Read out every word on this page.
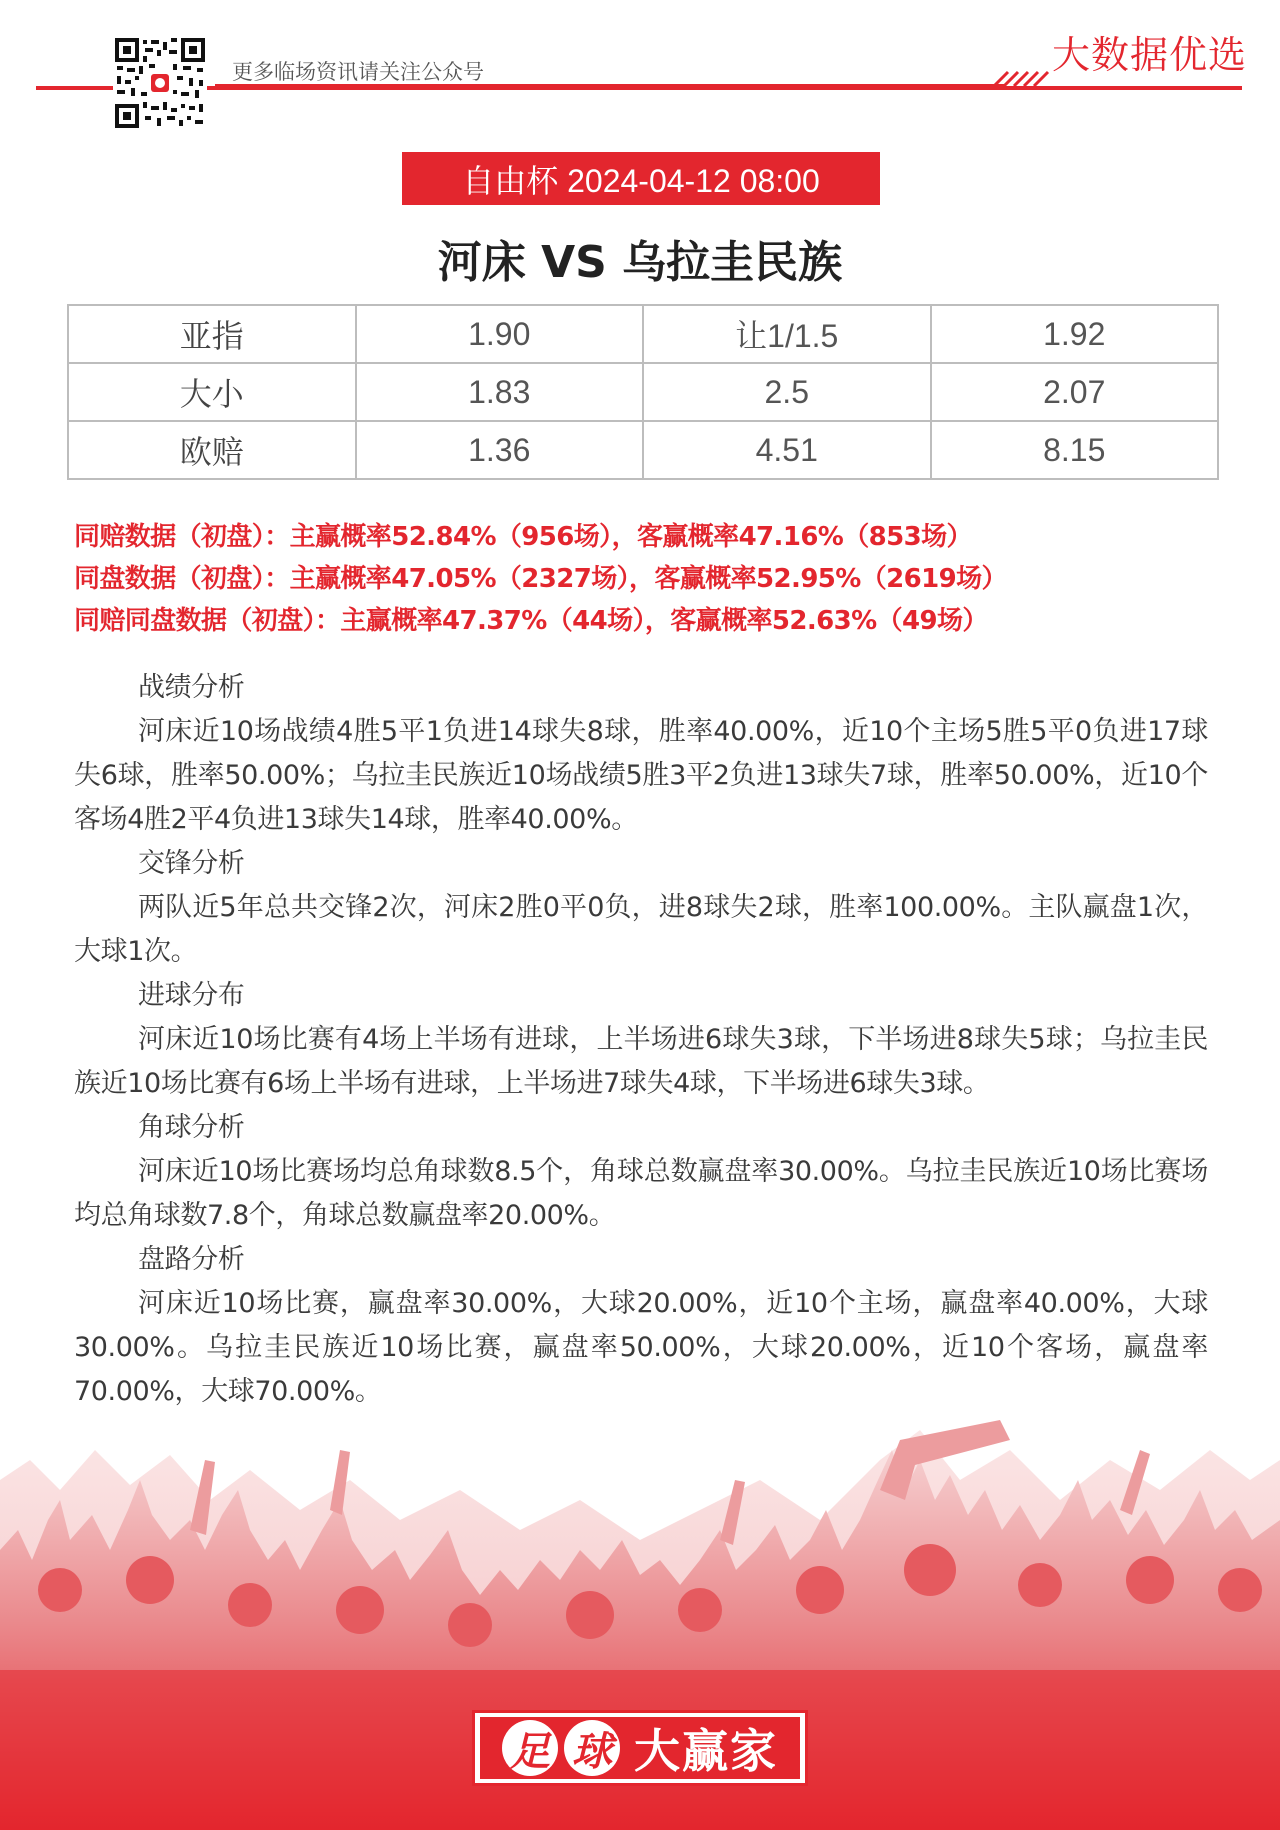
更多临场资讯请关注公众号	大数据优选
自由杯 2024-04-12 08:00
河床 VS 乌拉圭民族
亚指	1.90	让1/1.5	1.92
大小	1.83	2.5	2.07
欧赔	1.36	4.51	8.15
同赔数据（初盘）：主赢概率52.84%（956场），客赢概率47.16%（853场）
同盘数据（初盘）：主赢概率47.05%（2327场），客赢概率52.95%（2619场）
同赔同盘数据（初盘）：主赢概率47.37%（44场），客赢概率52.63%（49场）
战绩分析
河床近10场战绩4胜5平1负进14球失8球，胜率40.00%，近10个主场5胜5平0负进17球失6球，胜率50.00%；乌拉圭民族近10场战绩5胜3平2负进13球失7球，胜率50.00%，近10个客场4胜2平4负进13球失14球，胜率40.00%。
交锋分析
两队近5年总共交锋2次，河床2胜0平0负，进8球失2球，胜率100.00%。主队赢盘1次，大球1次。
进球分布
河床近10场比赛有4场上半场有进球，上半场进6球失3球，下半场进8球失5球；乌拉圭民族近10场比赛有6场上半场有进球，上半场进7球失4球，下半场进6球失3球。
角球分析
河床近10场比赛场均总角球数8.5个，角球总数赢盘率30.00%。乌拉圭民族近10场比赛场均总角球数7.8个，角球总数赢盘率20.00%。
盘路分析
河床近10场比赛，赢盘率30.00%，大球20.00%，近10个主场，赢盘率40.00%，大球30.00%。乌拉圭民族近10场比赛，赢盘率50.00%，大球20.00%，近10个客场，赢盘率70.00%，大球70.00%。
足 球 大赢家
